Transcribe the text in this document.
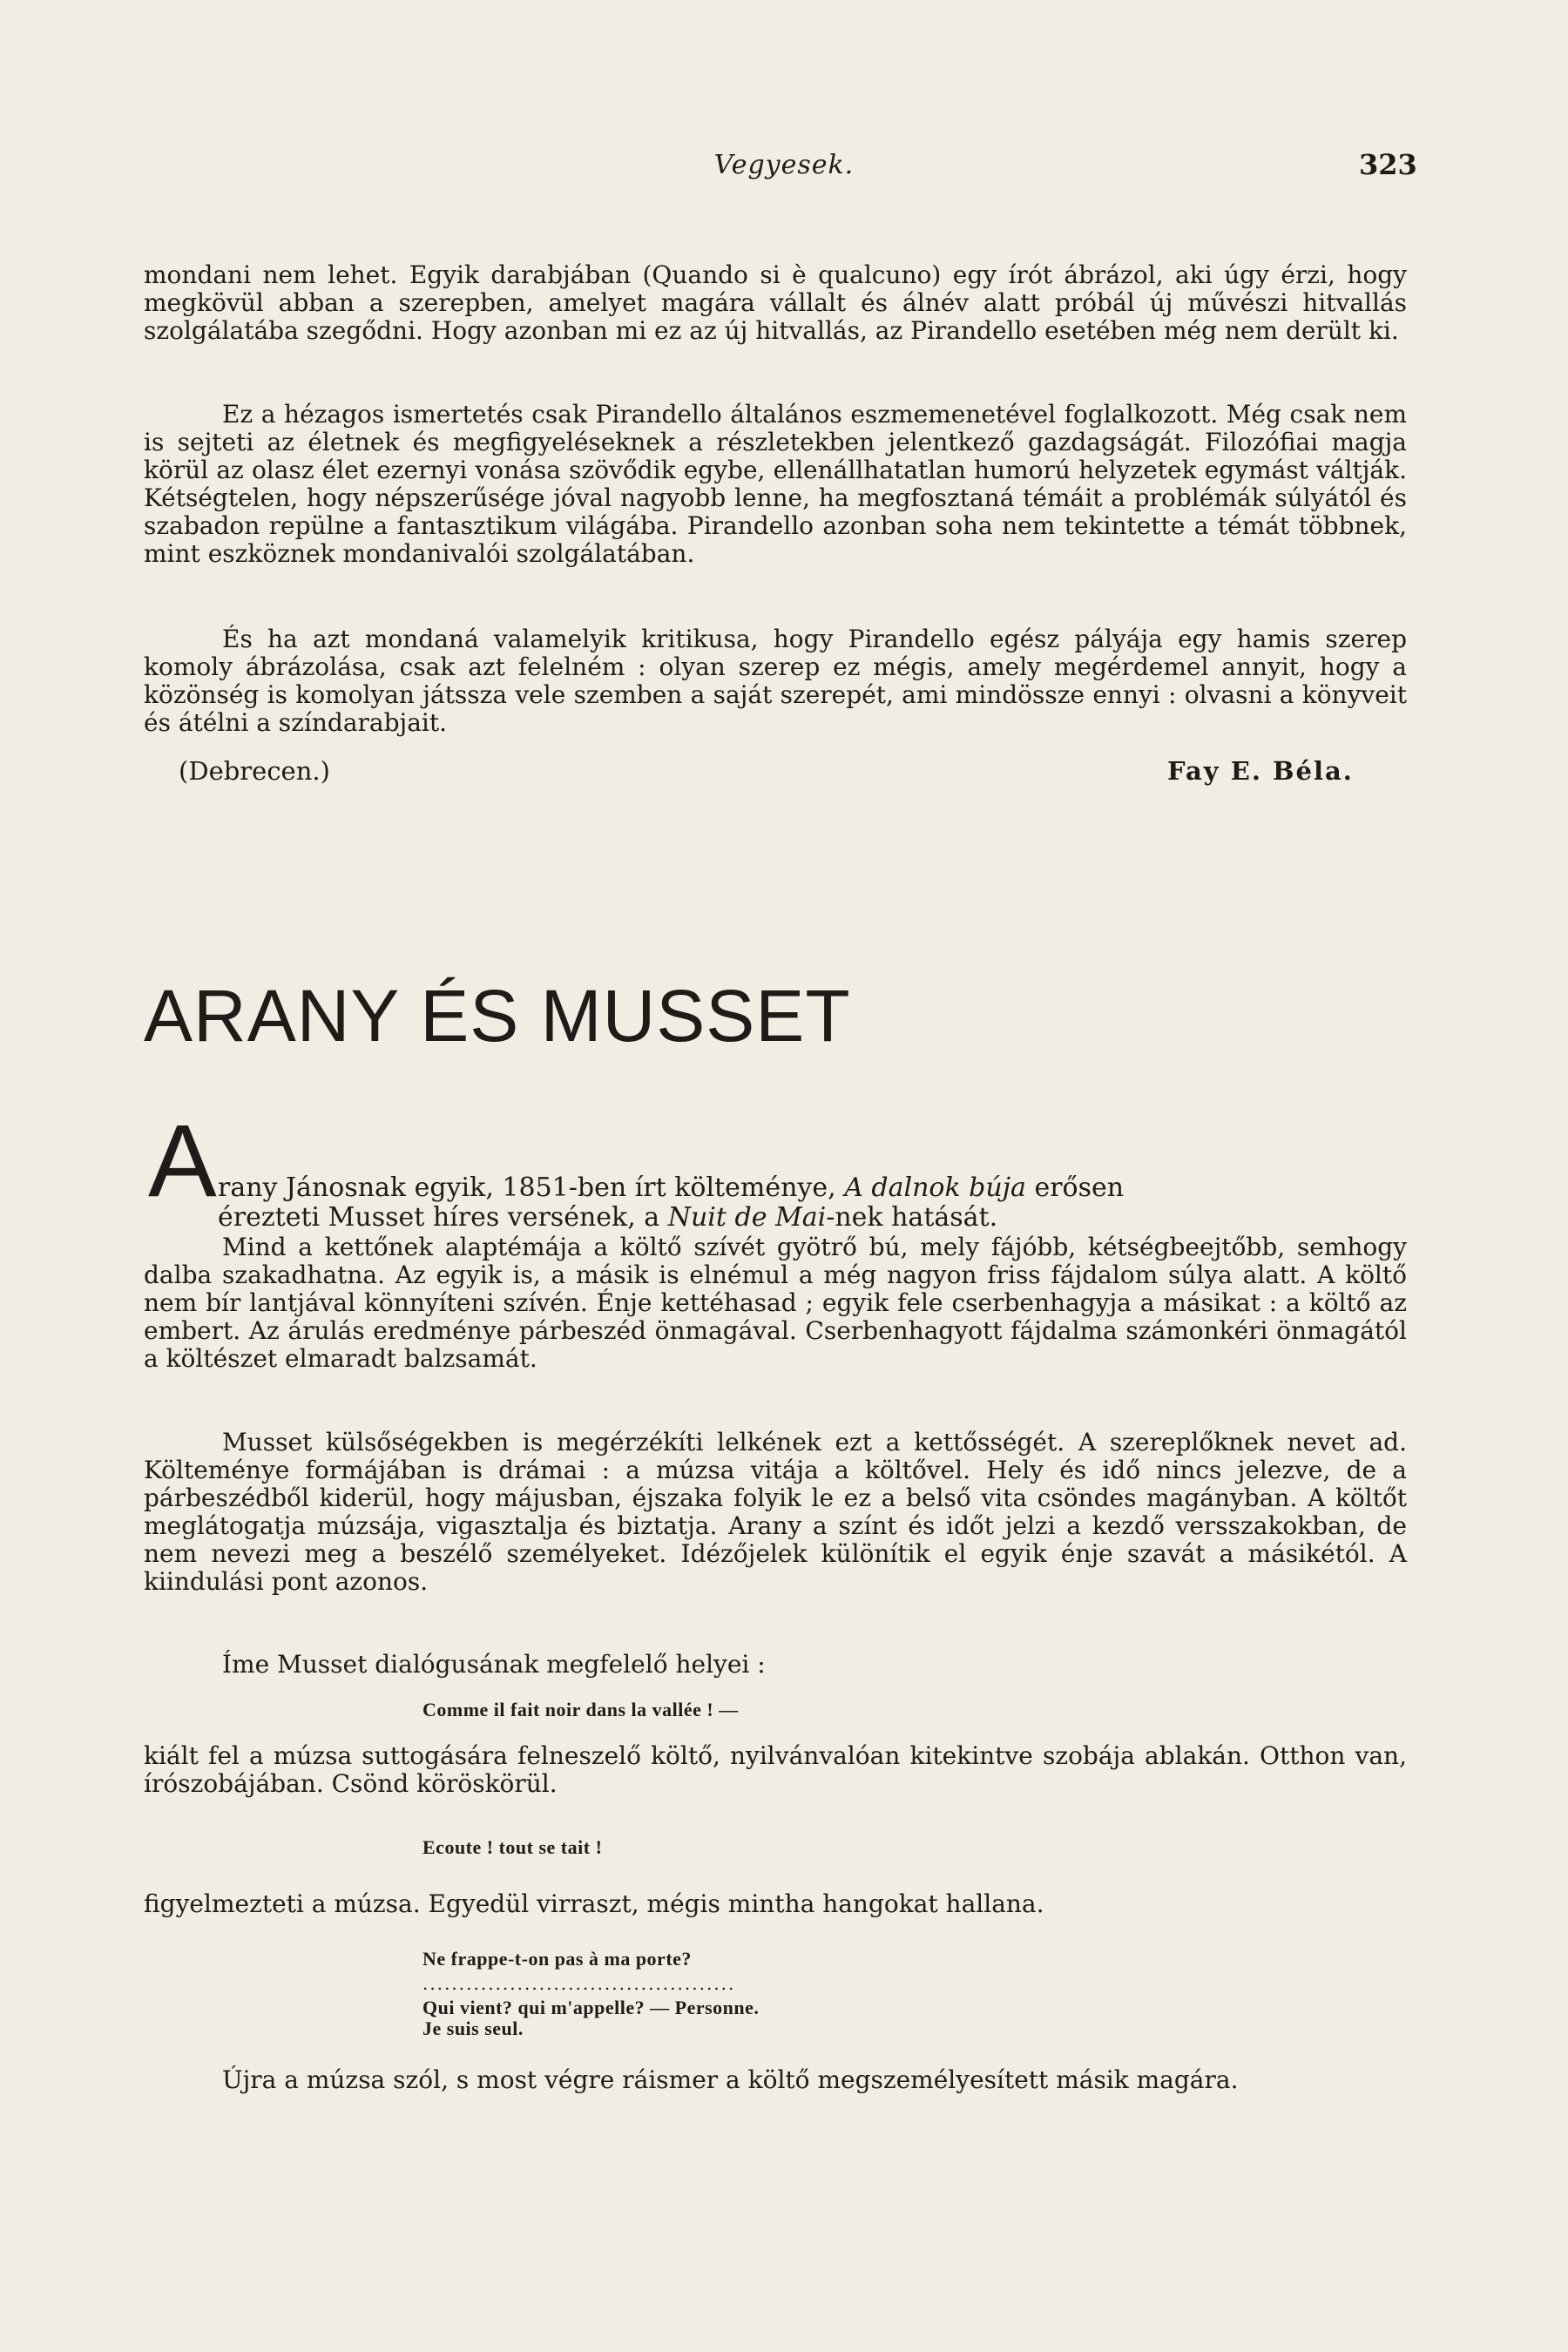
Vegyesek.	323

mondani nem lehet. Egyik darabjában (Quando si è qualcuno) egy írót ábrázol, aki úgy érzi, hogy megkövül abban a szerepben, amelyet magára vállalt és álnév alatt próbál új művészi hitvallás szolgálatába szegődni. Hogy azonban mi ez az új hitvallás, az Pirandello esetében még nem derült ki.

Ez a hézagos ismertetés csak Pirandello általános eszmemenetével foglalkozott. Még csak nem is sejteti az életnek és megfigyeléseknek a részletekben jelentkező gazdagságát. Filozófiai magja körül az olasz élet ezernyi vonása szövődik egybe, ellenállhatatlan humorú helyzetek egymást váltják. Kétségtelen, hogy népszerűsége jóval nagyobb lenne, ha megfosztaná témáit a problémák súlyától és szabadon repülne a fantasztikum világába. Pirandello azonban soha nem tekintette a témát többnek, mint eszköznek mondanivalói szolgálatában.

És ha azt mondaná valamelyik kritikusa, hogy Pirandello egész pályája egy hamis szerep komoly ábrázolása, csak azt felelném : olyan szerep ez mégis, amely megérdemel annyit, hogy a közönség is komolyan játssza vele szemben a saját szerepét, ami mindössze ennyi : olvasni a könyveit és átélni a színdarabjait.

(Debrecen.)	Fay E. Béla.
ARANY ÉS MUSSET
A rany Jánosnak egyik, 1851-ben írt költeménye, A dalnok búja erősen
érezteti Musset híres versének, a Nuit de Mai-nek hatását.

Mind a kettőnek alaptémája a költő szívét gyötrő bú, mely fájóbb, kétségbeejtőbb, semhogy dalba szakadhatna. Az egyik is, a másik is elnémul a még nagyon friss fájdalom súlya alatt. A költő nem bír lantjával könnyíteni szívén. Énje kettéhasad ; egyik fele cserbenhagyja a másikat : a költő az embert. Az árulás eredménye párbeszéd önmagával. Cserbenhagyott fájdalma számonkéri önmagától a költészet elmaradt balzsamát.

Musset külsőségekben is megérzékíti lelkének ezt a kettősségét. A szereplőknek nevet ad. Költeménye formájában is drámai : a múzsa vitája a költővel. Hely és idő nincs jelezve, de a párbeszédből kiderül, hogy májusban, éjszaka folyik le ez a belső vita csöndes magányban. A költőt meglátogatja múzsája, vigasztalja és biztatja. Arany a színt és időt jelzi a kezdő versszakokban, de nem nevezi meg a beszélő személyeket. Idézőjelek különítik el egyik énje szavát a másikétól. A kiindulási pont azonos.

Íme Musset dialógusának megfelelő helyei :

Comme il fait noir dans la vallée ! —

kiált fel a múzsa suttogására felneszelő költő, nyilvánvalóan kitekintve szobája ablakán. Otthon van, írószobájában. Csönd köröskörül.

Ecoute ! tout se tait !

figyelmezteti a múzsa. Egyedül virraszt, mégis mintha hangokat hallana.

Ne frappe-t-on pas à ma porte?
...........................................
Qui vient? qui m'appelle? — Personne.
Je suis seul.

Újra a múzsa szól, s most végre ráismer a költő megszemélyesített másik magára.
